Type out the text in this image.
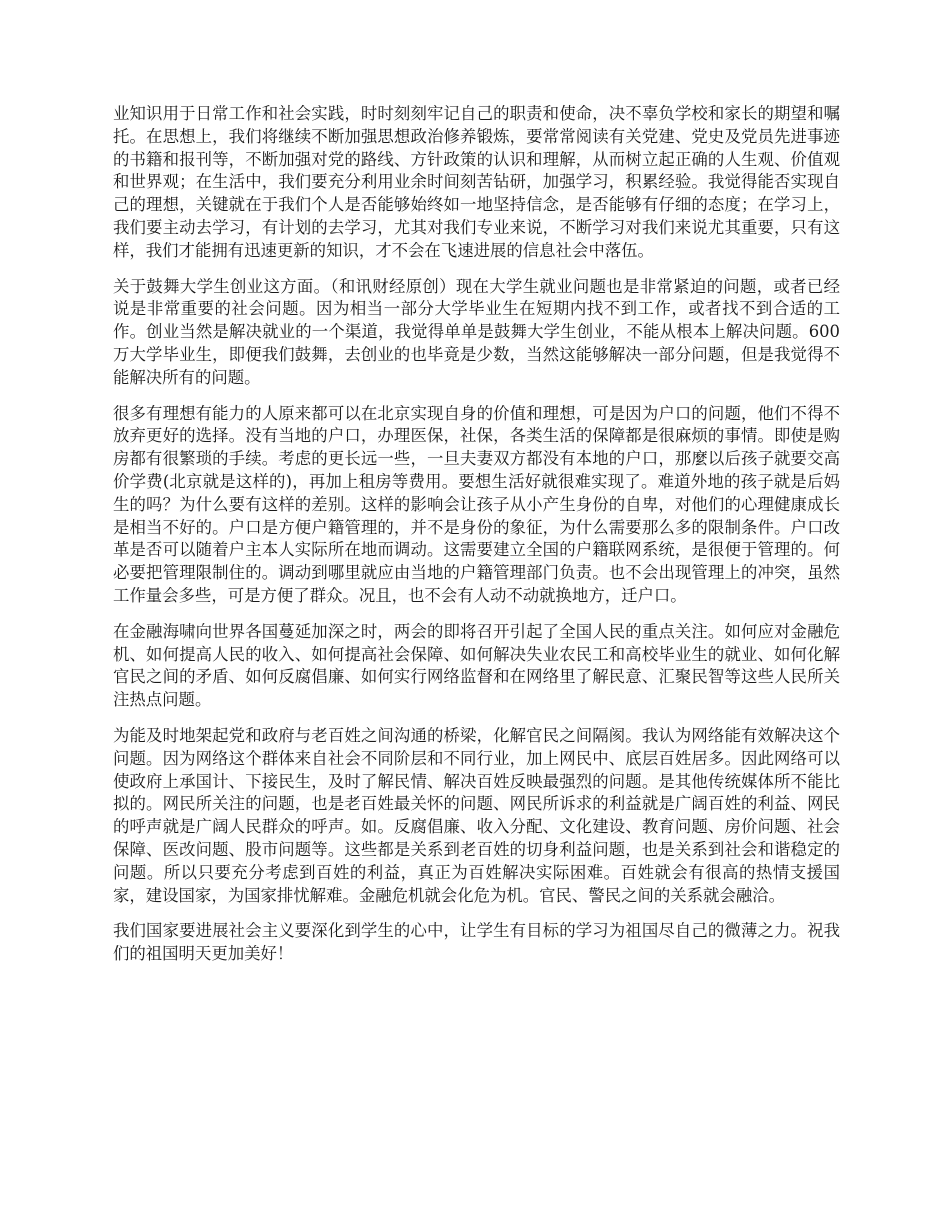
业知识用于日常工作和社会实践，时时刻刻牢记自己的职责和使命，决不辜负学校和家长的期望和嘱托。在思想上，我们将继续不断加强思想政治修养锻炼，要常常阅读有关党建、党史及党员先进事迹的书籍和报刊等，不断加强对党的路线、方针政策的认识和理解，从而树立起正确的人生观、价值观和世界观；在生活中，我们要充分利用业余时间刻苦钻研，加强学习，积累经验。我觉得能否实现自己的理想，关键就在于我们个人是否能够始终如一地坚持信念，是否能够有仔细的态度；在学习上，我们要主动去学习，有计划的去学习，尤其对我们专业来说，不断学习对我们来说尤其重要，只有这样，我们才能拥有迅速更新的知识，才不会在飞速进展的信息社会中落伍。

关于鼓舞大学生创业这方面。（和讯财经原创）现在大学生就业问题也是非常紧迫的问题，或者已经说是非常重要的社会问题。因为相当一部分大学毕业生在短期内找不到工作，或者找不到合适的工作。创业当然是解决就业的一个渠道，我觉得单单是鼓舞大学生创业，不能从根本上解决问题。600 万大学毕业生，即便我们鼓舞，去创业的也毕竟是少数，当然这能够解决一部分问题，但是我觉得不能解决所有的问题。

很多有理想有能力的人原来都可以在北京实现自身的价值和理想，可是因为户口的问题，他们不得不放弃更好的选择。没有当地的户口，办理医保，社保，各类生活的保障都是很麻烦的事情。即使是购房都有很繁琐的手续。考虑的更长远一些，一旦夫妻双方都没有本地的户口，那麼以后孩子就要交高价学费(北京就是这样的)，再加上租房等费用。要想生活好就很难实现了。难道外地的孩子就是后妈生的吗？为什么要有这样的差别。这样的影响会让孩子从小产生身份的自卑，对他们的心理健康成长是相当不好的。户口是方便户籍管理的，并不是身份的象征，为什么需要那么多的限制条件。户口改革是否可以随着户主本人实际所在地而调动。这需要建立全国的户籍联网系统，是很便于管理的。何必要把管理限制住的。调动到哪里就应由当地的户籍管理部门负责。也不会出现管理上的冲突，虽然工作量会多些，可是方便了群众。况且，也不会有人动不动就换地方，迁户口。

在金融海啸向世界各国蔓延加深之时，两会的即将召开引起了全国人民的重点关注。如何应对金融危机、如何提高人民的收入、如何提高社会保障、如何解决失业农民工和高校毕业生的就业、如何化解官民之间的矛盾、如何反腐倡廉、如何实行网络监督和在网络里了解民意、汇聚民智等这些人民所关注热点问题。

为能及时地架起党和政府与老百姓之间沟通的桥梁，化解官民之间隔阂。我认为网络能有效解决这个问题。因为网络这个群体来自社会不同阶层和不同行业，加上网民中、底层百姓居多。因此网络可以使政府上承国计、下接民生，及时了解民情、解决百姓反映最强烈的问题。是其他传统媒体所不能比拟的。网民所关注的问题，也是老百姓最关怀的问题、网民所诉求的利益就是广阔百姓的利益、网民的呼声就是广阔人民群众的呼声。如。反腐倡廉、收入分配、文化建设、教育问题、房价问题、社会保障、医改问题、股市问题等。这些都是关系到老百姓的切身利益问题，也是关系到社会和谐稳定的问题。所以只要充分考虑到百姓的利益，真正为百姓解决实际困难。百姓就会有很高的热情支援国家，建设国家，为国家排忧解难。金融危机就会化危为机。官民、警民之间的关系就会融洽。

我们国家要进展社会主义要深化到学生的心中，让学生有目标的学习为祖国尽自己的微薄之力。祝我们的祖国明天更加美好！
